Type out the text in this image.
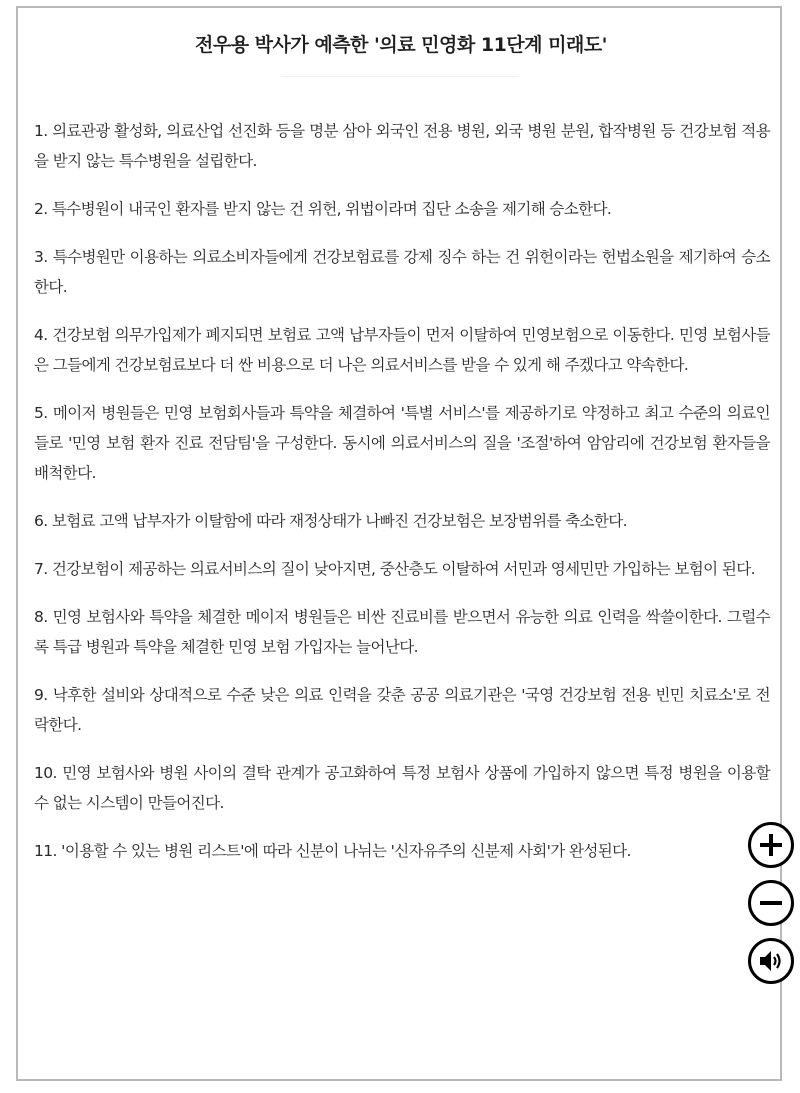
전우용 박사가 예측한 '의료 민영화 11단계 미래도'

1. 의료관광 활성화, 의료산업 선진화 등을 명분 삼아 외국인 전용 병원, 외국 병원 분원, 합작병원 등 건강보험 적용을 받지 않는 특수병원을 설립한다.

2. 특수병원이 내국인 환자를 받지 않는 건 위헌, 위법이라며 집단 소송을 제기해 승소한다.

3. 특수병원만 이용하는 의료소비자들에게 건강보험료를 강제 징수 하는 건 위헌이라는 헌법소원을 제기하여 승소한다.

4. 건강보험 의무가입제가 폐지되면 보험료 고액 납부자들이 먼저 이탈하여 민영보험으로 이동한다. 민영 보험사들은 그들에게 건강보험료보다 더 싼 비용으로 더 나은 의료서비스를 받을 수 있게 해 주겠다고 약속한다.

5. 메이저 병원들은 민영 보험회사들과 특약을 체결하여 '특별 서비스'를 제공하기로 약정하고 최고 수준의 의료인들로 '민영 보험 환자 진료 전담팀'을 구성한다. 동시에 의료서비스의 질을 '조절'하여 암암리에 건강보험 환자들을 배척한다.

6. 보험료 고액 납부자가 이탈함에 따라 재정상태가 나빠진 건강보험은 보장범위를 축소한다.

7. 건강보험이 제공하는 의료서비스의 질이 낮아지면, 중산층도 이탈하여 서민과 영세민만 가입하는 보험이 된다.

8. 민영 보험사와 특약을 체결한 메이저 병원들은 비싼 진료비를 받으면서 유능한 의료 인력을 싹쓸이한다. 그럴수록 특급 병원과 특약을 체결한 민영 보험 가입자는 늘어난다.

9. 낙후한 설비와 상대적으로 수준 낮은 의료 인력을 갖춘 공공 의료기관은 '국영 건강보험 전용 빈민 치료소'로 전락한다.

10. 민영 보험사와 병원 사이의 결탁 관계가 공고화하여 특정 보험사 상품에 가입하지 않으면 특정 병원을 이용할 수 없는 시스템이 만들어진다.

11. '이용할 수 있는 병원 리스트'에 따라 신분이 나뉘는 '신자유주의 신분제 사회'가 완성된다.
